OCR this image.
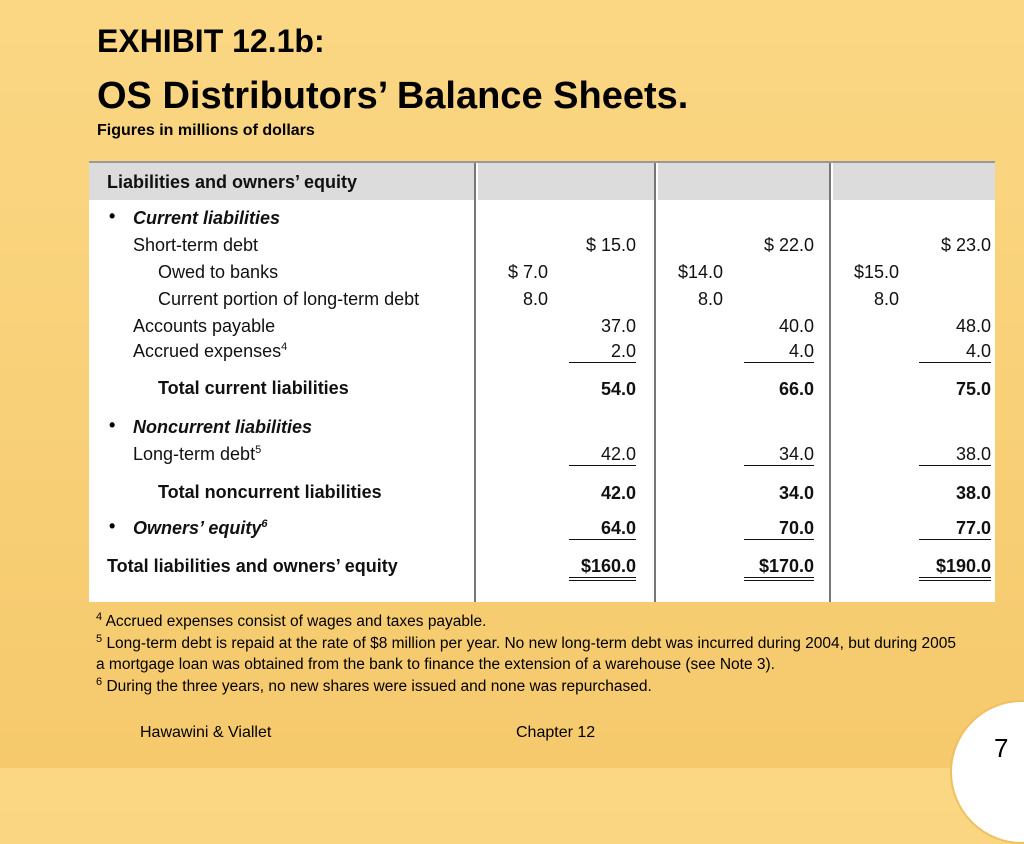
EXHIBIT 12.1b:
OS Distributors’ Balance Sheets.
Figures in millions of dollars
Liabilities and owners’ equity
• Current liabilities
Short-term debt	$ 15.0	$ 22.0	$ 23.0
Owed to banks	$ 7.0	$14.0	$15.0
Current portion of long-term debt	8.0	8.0	8.0
Accounts payable	37.0	40.0	48.0
Accrued expenses$^4$	2.0	4.0	4.0
Total current liabilities	54.0	66.0	75.0
• Noncurrent liabilities
Long-term debt$^5$	42.0	34.0	38.0
Total noncurrent liabilities	42.0	34.0	38.0
• Owners’ equity$^6$	64.0	70.0	77.0
Total liabilities and owners’ equity	$160.0	$170.0	$190.0

$^4$ Accrued expenses consist of wages and taxes payable.

$^5$ Long-term debt is repaid at the rate of $8 million per year. No new long-term debt was incurred during 2004, but during 2005 a mortgage loan was obtained from the bank to finance the extension of a warehouse (see Note 3).

$^6$ During the three years, no new shares were issued and none was repurchased.

Hawawini & Viallet	Chapter 12
7
